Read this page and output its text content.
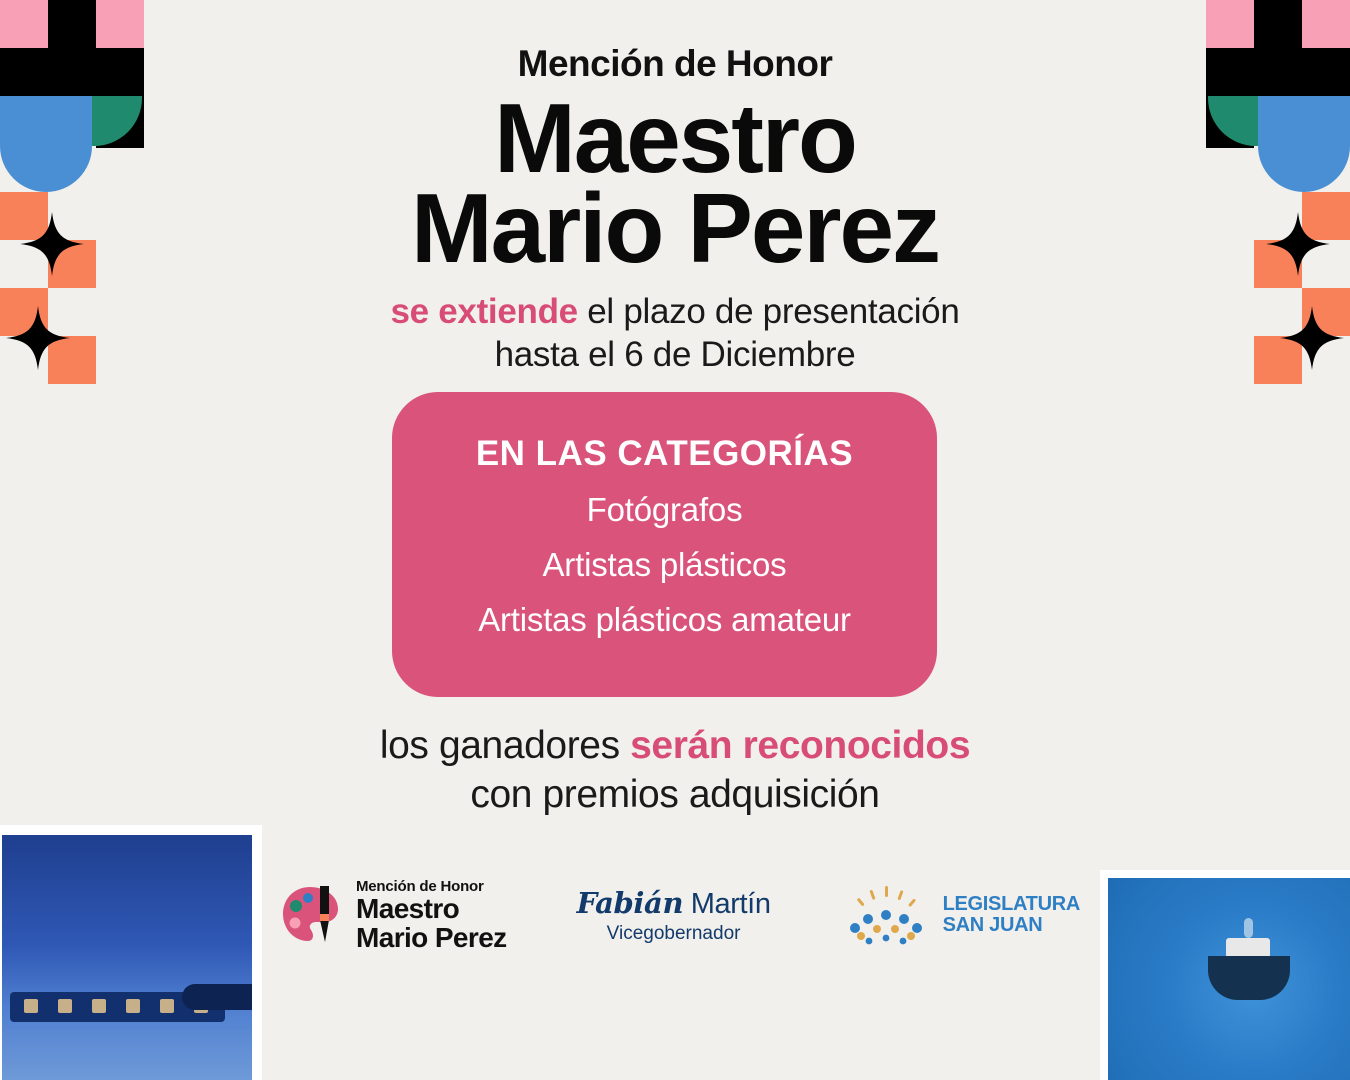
Mención de Honor
Maestro
Mario Perez
se extiende el plazo de presentación
hasta el 6 de Diciembre
EN LAS CATEGORÍAS
Fotógrafos
Artistas plásticos
Artistas plásticos amateur
los ganadores serán reconocidos
con premios adquisición
Mención de Honor
Maestro
Mario Perez
Fabián Martín
Vicegobernador
LEGISLATURA
SAN JUAN
